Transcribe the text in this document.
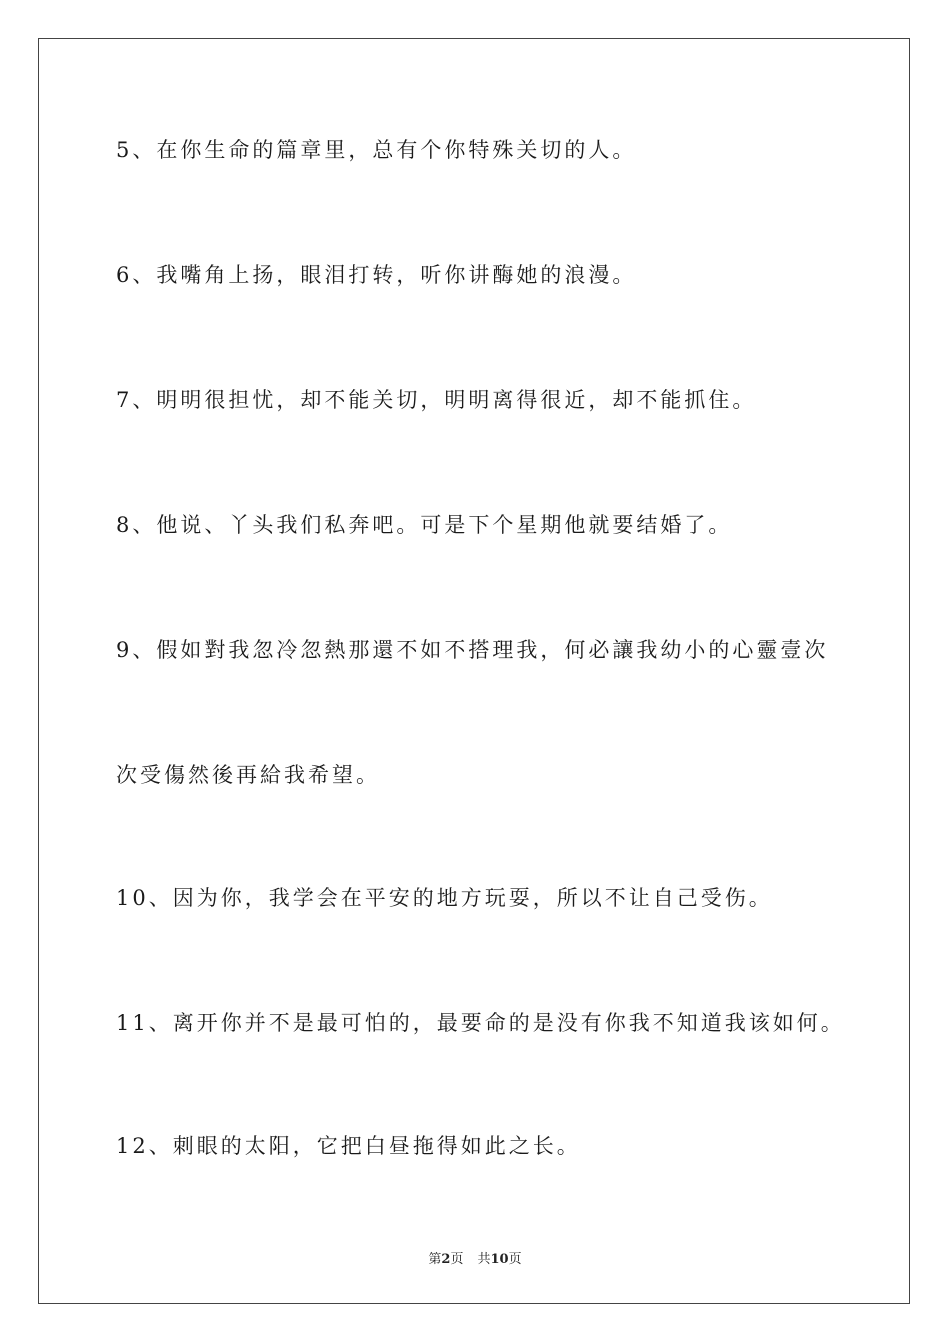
5、在你生命的篇章里，总有个你特殊关切的人。
6、我嘴角上扬，眼泪打转，听你讲酶她的浪漫。
7、明明很担忧，却不能关切，明明离得很近，却不能抓住。
8、他说、丫头我们私奔吧。可是下个星期他就要结婚了。
9、假如對我忽冷忽熱那還不如不搭理我，何必讓我幼小的心靈壹次
次受傷然後再給我希望。
10、因为你，我学会在平安的地方玩耍，所以不让自己受伤。
11、离开你并不是最可怕的，最要命的是没有你我不知道我该如何。
12、刺眼的太阳，它把白昼拖得如此之长。
第2页 共10页
